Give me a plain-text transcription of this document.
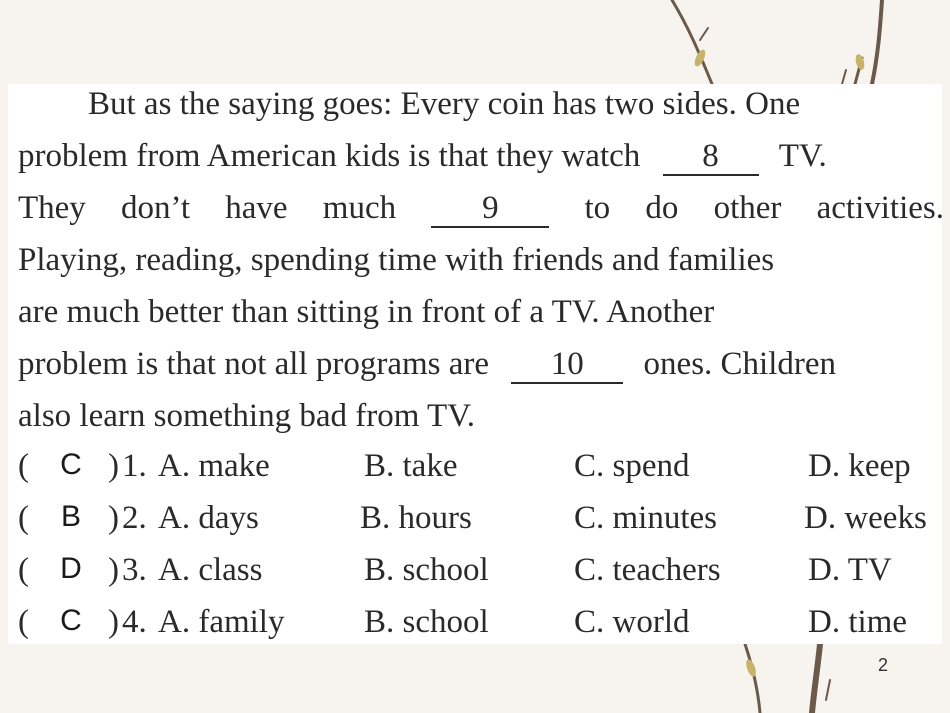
But as the saying goes: Every coin has two sides. One
problem from American kids is that they watch 8 TV.
They don’t have much	9	to do other activities.
Playing, reading, spending time with friends and families
are much better than sitting in front of a TV. Another
problem is that not all programs are 10 ones. Children
also learn something bad from TV.
(	C ) 1. A. make	B. take	C. spend	D. keep
(	B ) 2. A. days	B. hours	C. minutes	D. weeks
(	D ) 3. A. class	B. school	C. teachers	D. TV
(	C ) 4. A. family B. school	C. world	D. time
2
